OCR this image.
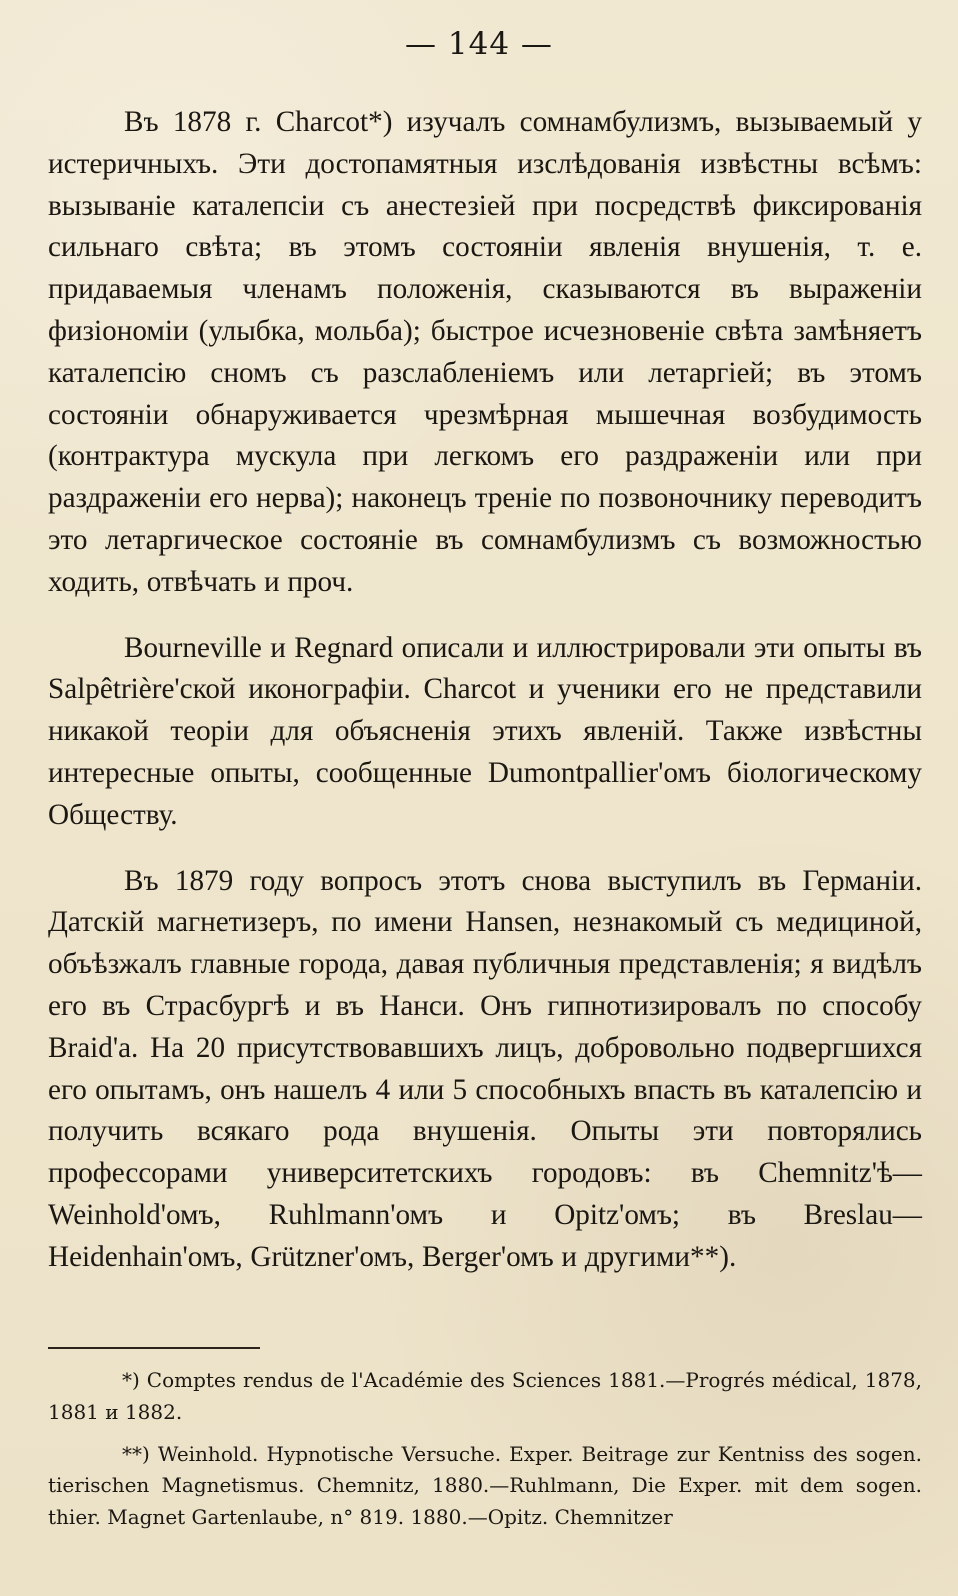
— 144 —

Въ 1878 г. Charcot*) изучалъ сомнамбулизмъ, вызываемый у истеричныхъ. Эти достопамятныя изслѣдованія извѣстны всѣмъ: вызываніе каталепсіи съ анестезіей при посредствѣ фиксированія сильнаго свѣта; въ этомъ состояніи явленія внушенія, т. е. придаваемыя членамъ положенія, сказываются въ выраженіи физіономіи (улыбка, мольба); быстрое исчезновеніе свѣта замѣняетъ каталепсію сномъ съ разслабленіемъ или летаргіей; въ этомъ состояніи обнаруживается чрезмѣрная мышечная возбудимость (контрактура мускула при легкомъ его раздраженіи или при раздраженіи его нерва); наконецъ треніе по позвоночнику переводитъ это летаргическое состояніе въ сомнамбулизмъ съ возможностью ходить, отвѣчать и проч.

Bourneville и Regnard описали и иллюстрировали эти опыты въ Salpêtrière'ской иконографіи. Charcot и ученики его не представили никакой теоріи для объясненія этихъ явленій. Также извѣстны интересные опыты, сообщенные Dumontpallier'омъ біологическому Обществу.

Въ 1879 году вопросъ этотъ снова выступилъ въ Германіи. Датскій магнетизеръ, по имени Hansen, незнакомый съ медициной, объѣзжалъ главные города, давая публичныя представленія; я видѣлъ его въ Страсбургѣ и въ Нанси. Онъ гипнотизировалъ по способу Braid'а. На 20 присутствовавшихъ лицъ, добровольно подвергшихся его опытамъ, онъ нашелъ 4 или 5 способныхъ впасть въ каталепсію и получить всякаго рода внушенія. Опыты эти повторялись профессорами университетскихъ городовъ: въ Chemnitz'ѣ— Weinhold'омъ, Ruhlmann'омъ и Opitz'омъ; въ Breslau— Heidenhain'омъ, Grützner'омъ, Berger'омъ и другими**).

*) Comptes rendus de l'Académie des Sciences 1881.—Progrés médical, 1878, 1881 и 1882.

**) Weinhold. Hypnotische Versuche. Exper. Beitrage zur Kentniss des sogen. tierischen Magnetismus. Chemnitz, 1880.—Ruhlmann, Die Exper. mit dem sogen. thier. Magnet Gartenlaube, n° 819. 1880.—Opitz. Chemnitzer
